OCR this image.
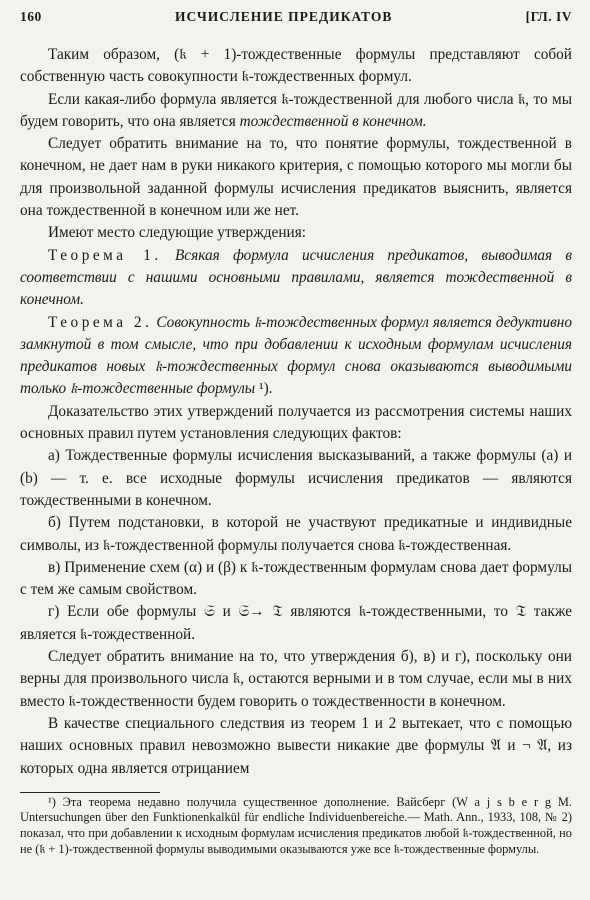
160	ИСЧИСЛЕНИЕ ПРЕДИКАТОВ	[ГЛ. IV

Таким образом, (𝔨 + 1)-тождественные формулы представляют собой собственную часть совокупности 𝔨-тождественных формул.

Если какая-либо формула является 𝔨-тождественной для любого числа 𝔨, то мы будем говорить, что она является тождественной в конечном.

Следует обратить внимание на то, что понятие формулы, тождественной в конечном, не дает нам в руки никакого критерия, с помощью которого мы могли бы для произвольной заданной формулы исчисления предикатов выяснить, является она тождественной в конечном или же нет.

Имеют место следующие утверждения:

Теорема 1. Всякая формула исчисления предикатов, выводимая в соответствии с нашими основными правилами, является тождественной в конечном.

Теорема 2. Совокупность 𝔨-тождественных формул является дедуктивно замкнутой в том смысле, что при добавлении к исходным формулам исчисления предикатов новых 𝔨-тождественных формул снова оказываются выводимыми только 𝔨-тождественные формулы ¹).

Доказательство этих утверждений получается из рассмотрения системы наших основных правил путем установления следующих фактов:

а) Тождественные формулы исчисления высказываний, а также формулы (a) и (b) — т. е. все исходные формулы исчисления предикатов — являются тождественными в конечном.

б) Путем подстановки, в которой не участвуют предикатные и индивидные символы, из 𝔨-тождественной формулы получается снова 𝔨-тождественная.

в) Применение схем (α) и (β) к 𝔨-тождественным формулам снова дает формулы с тем же самым свойством.

г) Если обе формулы 𝔖 и 𝔖→ 𝔗 являются 𝔨-тождественными, то 𝔗 также является 𝔨-тождественной.

Следует обратить внимание на то, что утверждения б), в) и г), поскольку они верны для произвольного числа 𝔨, остаются верными и в том случае, если мы в них вместо 𝔨-тождественности будем говорить о тождественности в конечном.

В качестве специального следствия из теорем 1 и 2 вытекает, что с помощью наших основных правил невозможно вывести никакие две формулы 𝔄 и ¬ 𝔄, из которых одна является отрицанием

¹) Эта теорема недавно получила существенное дополнение. Вайсберг (W a j s b e r g M. Untersuchungen über den Funktionenkalkül für endliche Individuenbereiche.— Math. Ann., 1933, 108, № 2) показал, что при добавлении к исходным формулам исчисления предикатов любой 𝔨-тождественной, но не (𝔨 + 1)-тождественной формулы выводимыми оказываются уже все 𝔨-тождественные формулы.
